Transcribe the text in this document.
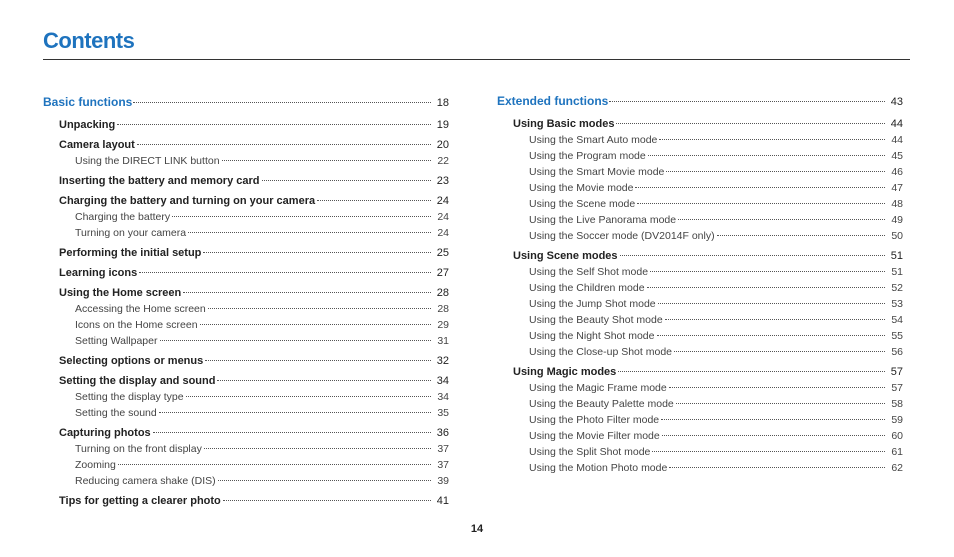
Contents
Basic functions	18
Unpacking	19
Camera layout	20
Using the DIRECT LINK button	22
Inserting the battery and memory card	23
Charging the battery and turning on your camera	24
Charging the battery	24
Turning on your camera	24
Performing the initial setup	25
Learning icons	27
Using the Home screen	28
Accessing the Home screen	28
Icons on the Home screen	29
Setting Wallpaper	31
Selecting options or menus	32
Setting the display and sound	34
Setting the display type	34
Setting the sound	35
Capturing photos	36
Turning on the front display	37
Zooming	37
Reducing camera shake (DIS)	39
Tips for getting a clearer photo	41
Extended functions	43
Using Basic modes	44
Using the Smart Auto mode	44
Using the Program mode	45
Using the Smart Movie mode	46
Using the Movie mode	47
Using the Scene mode	48
Using the Live Panorama mode	49
Using the Soccer mode (DV2014F only)	50
Using Scene modes	51
Using the Self Shot mode	51
Using the Children mode	52
Using the Jump Shot mode	53
Using the Beauty Shot mode	54
Using the Night Shot mode	55
Using the Close-up Shot mode	56
Using Magic modes	57
Using the Magic Frame mode	57
Using the Beauty Palette mode	58
Using the Photo Filter mode	59
Using the Movie Filter mode	60
Using the Split Shot mode	61
Using the Motion Photo mode	62
14
